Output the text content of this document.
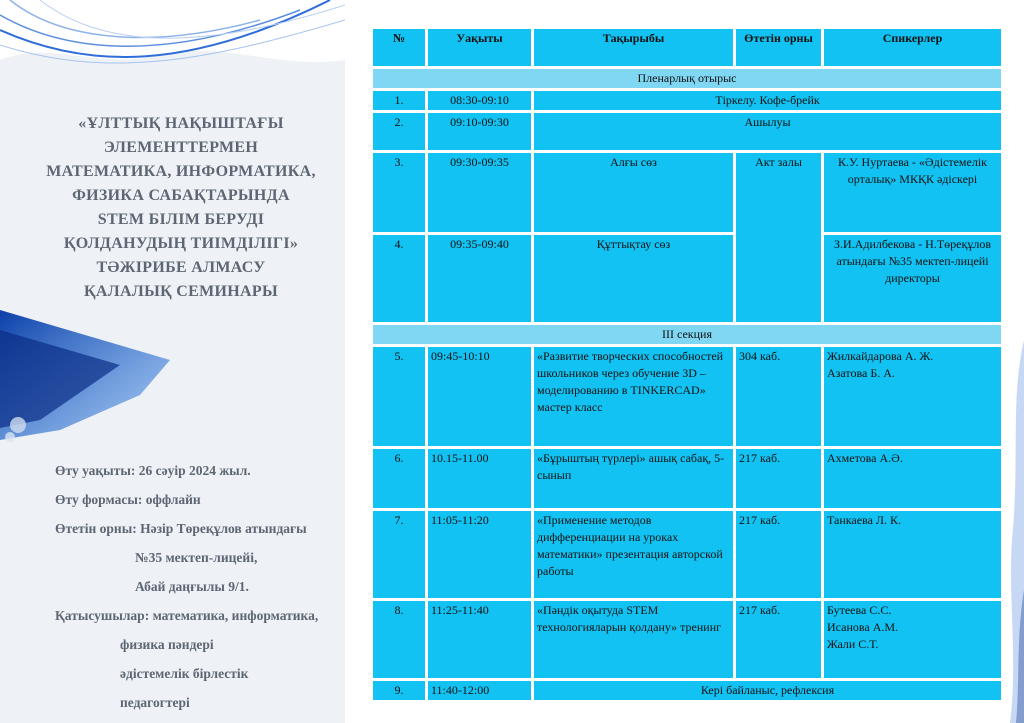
«ҰЛТТЫҚ НАҚЫШТАҒЫ
ЭЛЕМЕНТТЕРМЕН
МАТЕМАТИКА, ИНФОРМАТИКА,
ФИЗИКА САБАҚТАРЫНДА
STEM БІЛІМ БЕРУДІ
ҚОЛДАНУДЫҢ ТИІМДІЛІГІ»
ТӘЖІРИБЕ АЛМАСУ
ҚАЛАЛЫҚ СЕМИНАРЫ

Өту уақыты: 26 сәуір 2024 жыл.

Өту формасы: оффлайн

Өтетін орны: Нәзір Төреқұлов атындағы

№35 мектеп-лицейі,

Абай даңғылы 9/1.

Қатысушылар: математика, информатика,

физика пәндері

әдістемелік бірлестік

педагогтері

№	Уақыты	Тақырыбы	Өтетін орны	Спикерлер
Пленарлық отырыс				
1.	08:30-09:10	Тіркелу. Кофе-брейк		
2.	09:10-09:30	Ашылуы		
3.	09:30-09:35	Алғы сөз	Акт залы	К.У. Нуртаева - «Әдістемелік орталық» МКҚК әдіскері
4.	09:35-09:40	Құттықтау сөз		З.И.Адилбекова - Н.Төреқұлов атындағы №35 мектеп-лицейі директоры
III секция				
5.	09:45-10:10	«Развитие творческих способностей школьников через обучение 3D – моделированию в TINKERCAD» мастер класс	304 каб.	Жилкайдарова А. Ж.
Азатова Б. А.
6.	10.15-11.00	«Бұрыштың түрлері» ашық сабақ, 5-сынып	217 каб.	Ахметова А.Ә.
7.	11:05-11:20	«Применение методов дифференциации на уроках математики» презентация авторской работы	217 каб.	Танкаева Л. К.
8.	11:25-11:40	«Пәндік оқытуда STEM технологияларын қолдану» тренинг	217 каб.	Бутеева С.С.
Исанова А.М.
Жали С.Т.
9.	11:40-12:00	Кері байланыс, рефлексия		
